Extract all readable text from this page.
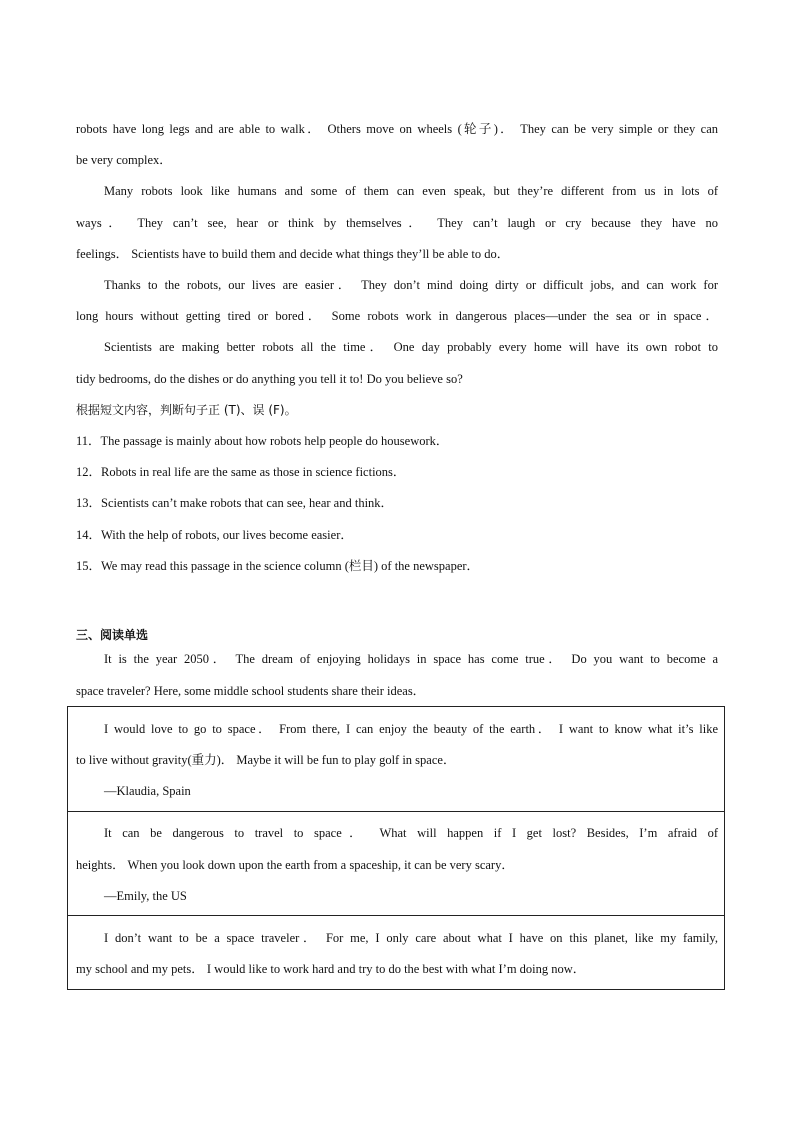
robots have long legs and are able to walk． Others move on wheels (轮子)． They can be very simple or they can
be very complex．
Many robots look like humans and some of them can even speak, but they’re different from us in lots of
ways． They can’t see, hear or think by themselves． They can’t laugh or cry because they have no
feelings． Scientists have to build them and decide what things they’ll be able to do．
Thanks to the robots, our lives are easier． They don’t mind doing dirty or difficult jobs, and can work for
long hours without getting tired or bored． Some robots work in dangerous places—under the sea or in space．
Scientists are making better robots all the time． One day probably every home will have its own robot to
tidy bedrooms, do the dishes or do anything you tell it to! Do you believe so?
根据短文内容，判断句子正 (T)、误 (F)。
11．The passage is mainly about how robots help people do housework．
12．Robots in real life are the same as those in science fictions．
13．Scientists can’t make robots that can see, hear and think．
14．With the help of robots, our lives become easier．
15．We may read this passage in the science column (栏目) of the newspaper．
三、阅读单选
It is the year 2050． The dream of enjoying holidays in space has come true． Do you want to become a
space traveler? Here, some middle school students share their ideas．
I would love to go to space． From there, I can enjoy the beauty of the earth． I want to know what it’s like
to live without gravity(重力)． Maybe it will be fun to play golf in space．
—Klaudia, Spain
It can be dangerous to travel to space． What will happen if I get lost? Besides, I’m afraid of
heights． When you look down upon the earth from a spaceship, it can be very scary．
—Emily, the US
I don’t want to be a space traveler． For me, I only care about what I have on this planet, like my family,
my school and my pets． I would like to work hard and try to do the best with what I’m doing now．
